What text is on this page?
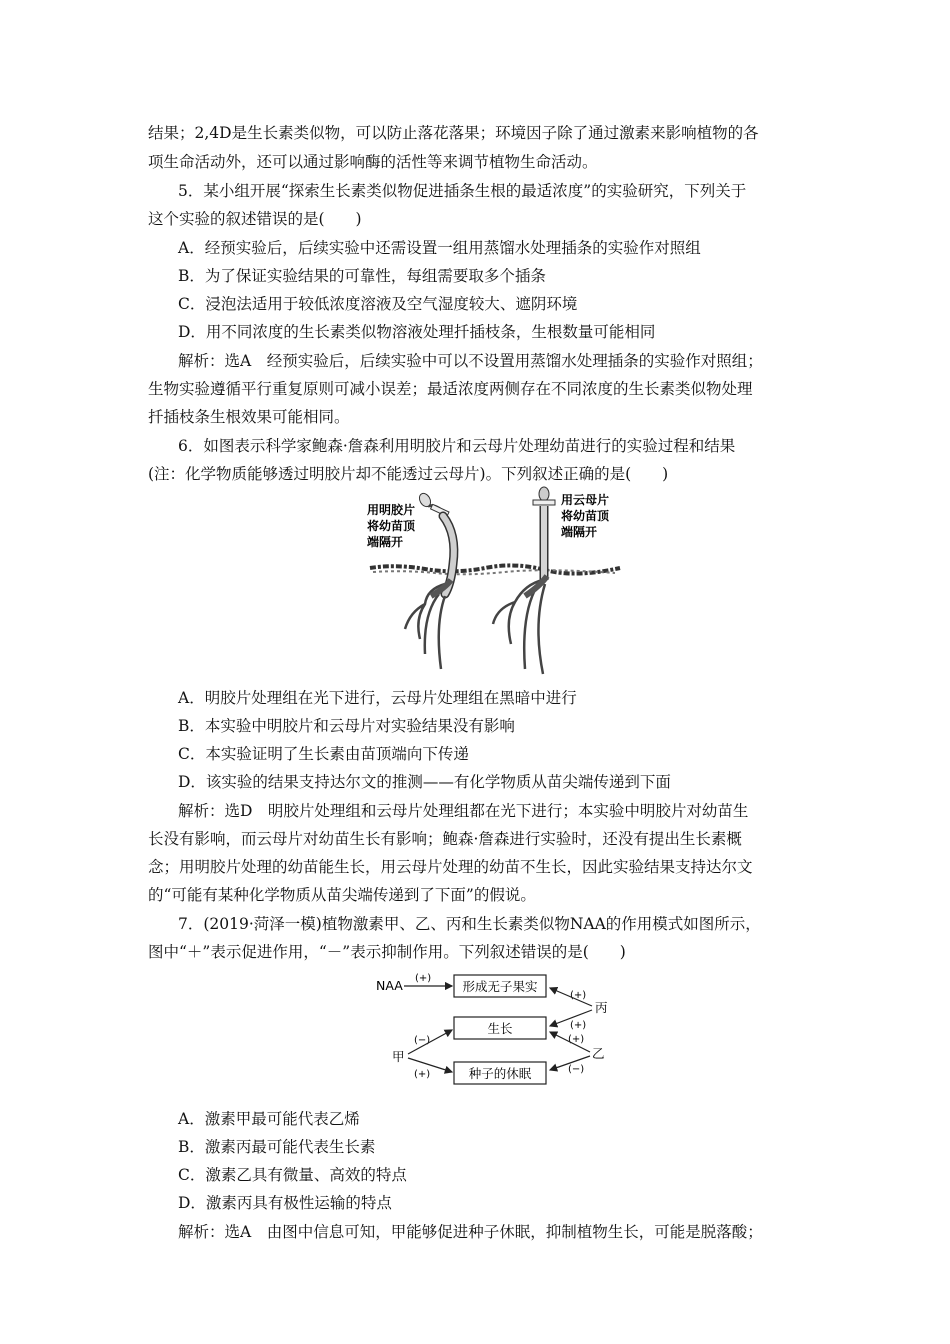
结果；2,4D是生长素类似物，可以防止落花落果；环境因子除了通过激素来影响植物的各
项生命活动外，还可以通过影响酶的活性等来调节植物生命活动。
5．某小组开展“探索生长素类似物促进插条生根的最适浓度”的实验研究，下列关于
这个实验的叙述错误的是(　　)
A．经预实验后，后续实验中还需设置一组用蒸馏水处理插条的实验作对照组
B．为了保证实验结果的可靠性，每组需要取多个插条
C．浸泡法适用于较低浓度溶液及空气湿度较大、遮阴环境
D．用不同浓度的生长素类似物溶液处理扦插枝条，生根数量可能相同
解析：选A　经预实验后，后续实验中可以不设置用蒸馏水处理插条的实验作对照组；
生物实验遵循平行重复原则可减小误差；最适浓度两侧存在不同浓度的生长素类似物处理
扦插枝条生根效果可能相同。
6．如图表示科学家鲍森·詹森利用明胶片和云母片处理幼苗进行的实验过程和结果
(注：化学物质能够透过明胶片却不能透过云母片)。下列叙述正确的是(　　)
用明胶片
将幼苗顶
端隔开
用云母片
将幼苗顶
端隔开
A．明胶片处理组在光下进行，云母片处理组在黑暗中进行
B．本实验中明胶片和云母片对实验结果没有影响
C．本实验证明了生长素由苗顶端向下传递
D．该实验的结果支持达尔文的推测——有化学物质从苗尖端传递到下面
解析：选D　明胶片处理组和云母片处理组都在光下进行；本实验中明胶片对幼苗生
长没有影响，而云母片对幼苗生长有影响；鲍森·詹森进行实验时，还没有提出生长素概
念；用明胶片处理的幼苗能生长，用云母片处理的幼苗不生长，因此实验结果支持达尔文
的“可能有某种化学物质从苗尖端传递到了下面”的假说。
7．(2019·菏泽一模)植物激素甲、乙、丙和生长素类似物NAA的作用模式如图所示，
图中“＋”表示促进作用，“－”表示抑制作用。下列叙述错误的是(　　)
NAA (+)
形成无子果实
丙
(+)
(+)
生长
乙
(+)
(−)
甲
(−)
(+)	种子的休眠
A．激素甲最可能代表乙烯
B．激素丙最可能代表生长素
C．激素乙具有微量、高效的特点
D．激素丙具有极性运输的特点
解析：选A　由图中信息可知，甲能够促进种子休眠，抑制植物生长，可能是脱落酸；
